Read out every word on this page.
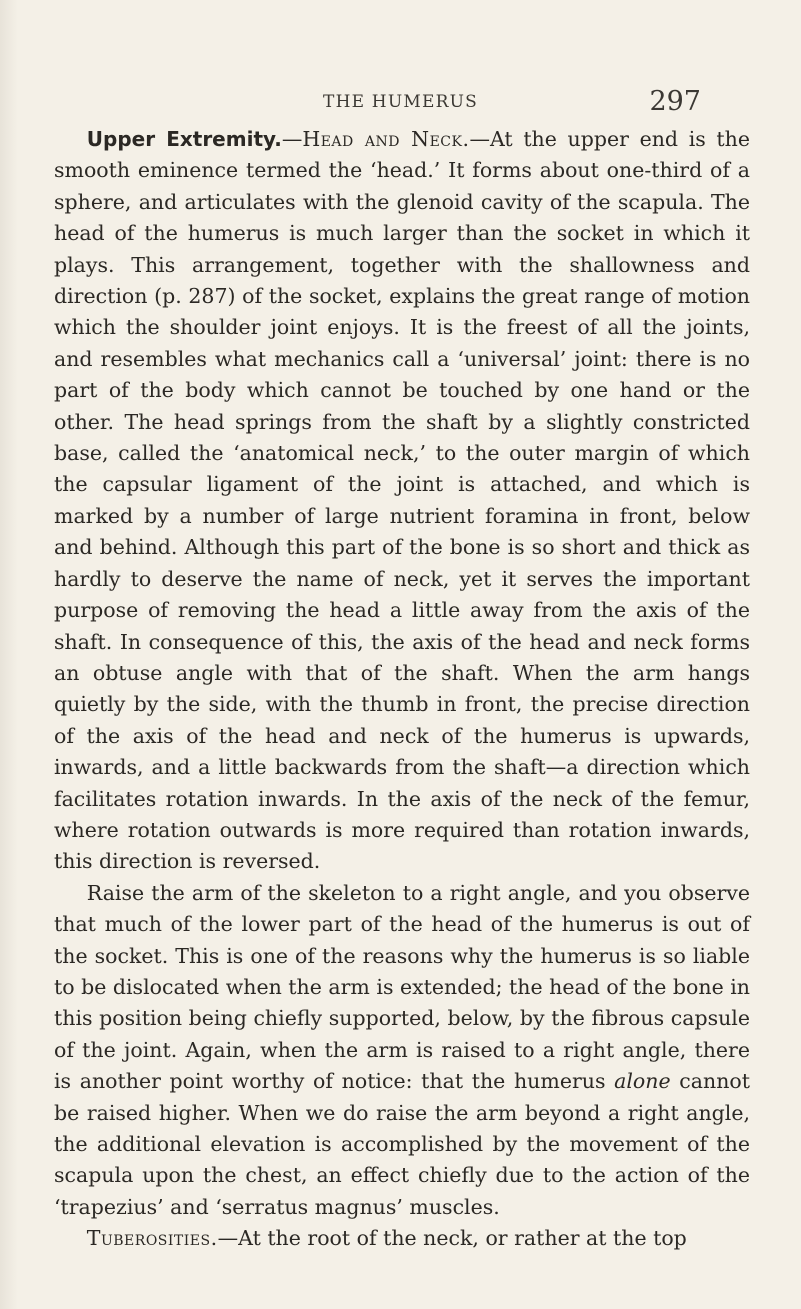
THE HUMERUS	297

Upper Extremity.—Head and Neck.—At the upper end is the smooth eminence termed the ‘head.’ It forms about one-third of a sphere, and articulates with the glenoid cavity of the scapula. The head of the humerus is much larger than the socket in which it plays. This arrangement, together with the shallowness and direction (p. 287) of the socket, explains the great range of motion which the shoulder joint enjoys. It is the freest of all the joints, and resembles what mechanics call a ‘universal’ joint: there is no part of the body which cannot be touched by one hand or the other. The head springs from the shaft by a slightly constricted base, called the ‘anatomical neck,’ to the outer margin of which the capsular ligament of the joint is attached, and which is marked by a number of large nutrient foramina in front, below and behind. Although this part of the bone is so short and thick as hardly to deserve the name of neck, yet it serves the important purpose of removing the head a little away from the axis of the shaft. In consequence of this, the axis of the head and neck forms an obtuse angle with that of the shaft. When the arm hangs quietly by the side, with the thumb in front, the precise direction of the axis of the head and neck of the humerus is upwards, inwards, and a little backwards from the shaft—a direction which facilitates rotation inwards. In the axis of the neck of the femur, where rotation outwards is more required than rotation inwards, this direction is reversed.

Raise the arm of the skeleton to a right angle, and you observe that much of the lower part of the head of the humerus is out of the socket. This is one of the reasons why the humerus is so liable to be dislocated when the arm is extended; the head of the bone in this position being chiefly supported, below, by the fibrous capsule of the joint. Again, when the arm is raised to a right angle, there is another point worthy of notice: that the humerus alone cannot be raised higher. When we do raise the arm beyond a right angle, the additional elevation is accomplished by the movement of the scapula upon the chest, an effect chiefly due to the action of the ‘trapezius’ and ‘serratus magnus’ muscles.

Tuberosities.—At the root of the neck, or rather at the top
